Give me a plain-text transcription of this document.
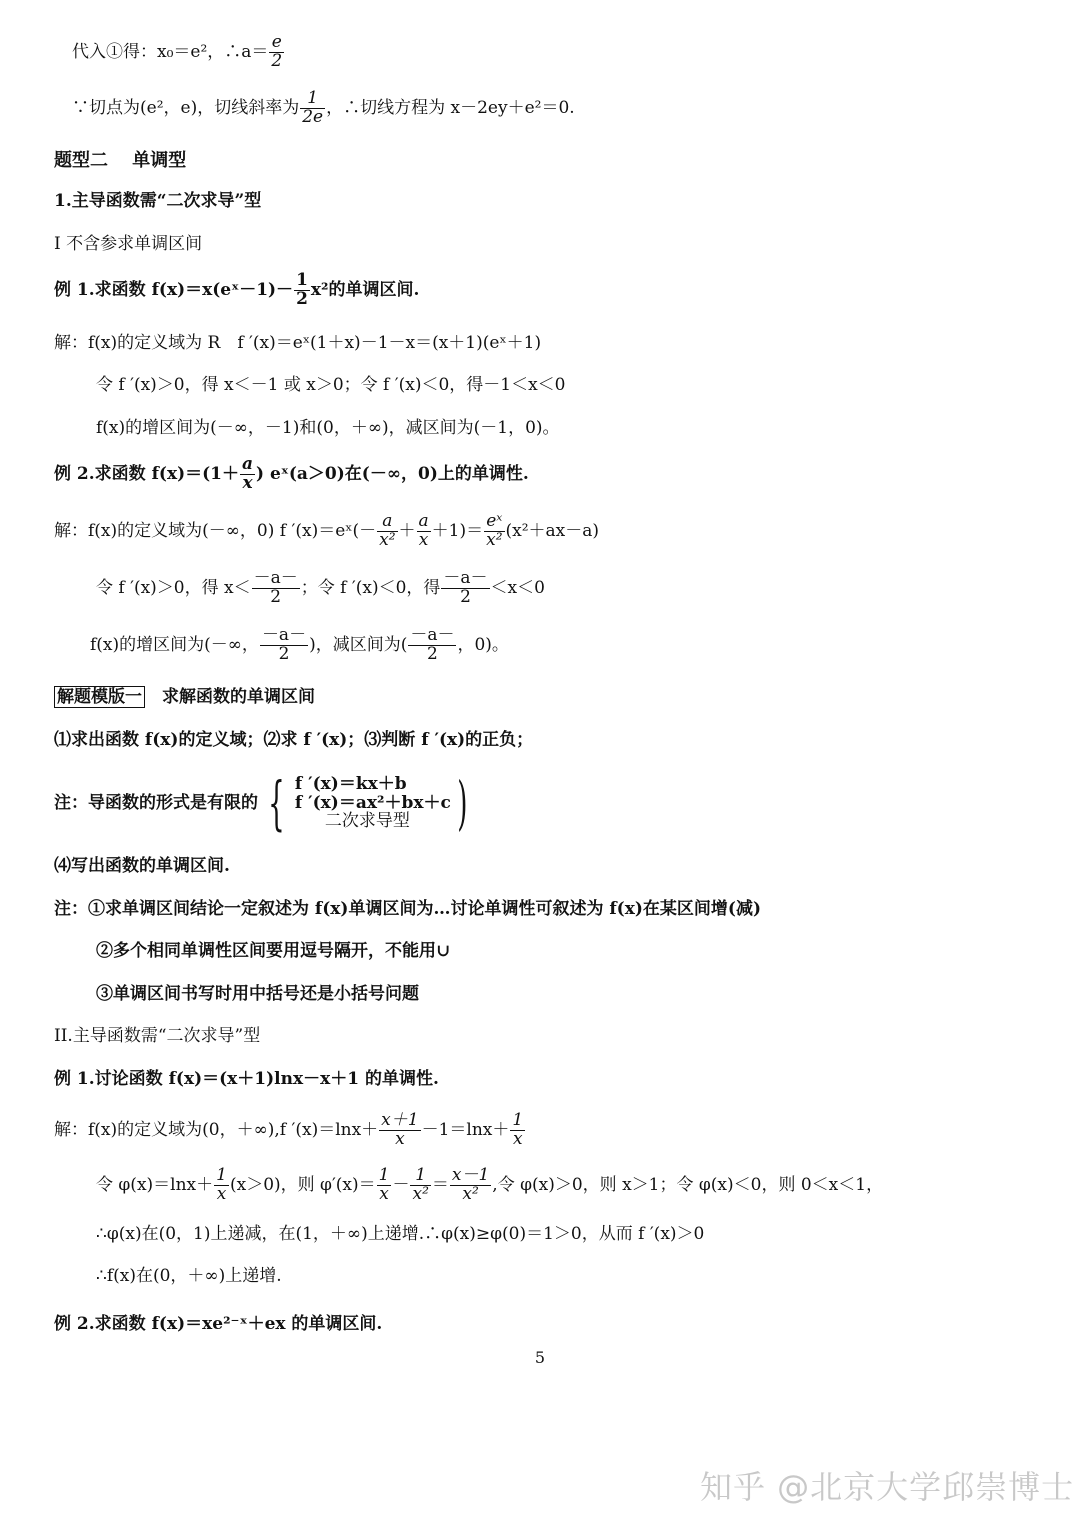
代入①得：x₀＝e²，∴a＝ $\frac{e}{2}$
∵切点为(e²，e)，切线斜率为 $\frac{1}{2e}$ ，∴切线方程为 x－2ey＋e²＝0.
题型二　 单调型
1.主导函数需“二次求导”型
I 不含参求单调区间
例 1.求函数 f(x)＝x(eˣ－1)－ $\frac{1}{2} x^2$的单调区间.
解：f(x)的定义域为 R　f ′(x)＝eˣ(1＋x)－1－x＝(x＋1)(eˣ＋1)
令 f ′(x)＞0，得 x＜－1 或 x＞0；令 f ′(x)＜0，得－1＜x＜0
f(x)的增区间为(－∞，－1)和(0，＋∞)，减区间为(－1，0)。
例 2.求函数 $f(x)=(1+ \frac{a}{x}$ ) eˣ(a＞0)在(－∞，0)上的单调性.
解：f(x)的定义域为(－∞，0) f ′(x)＝eˣ(－ $\frac{a}{\text{x²}} + \frac{a}{x} +1)= \frac{\text{eˣ}}{\text{x²}} (x^2+ax-a)$
令 f ′(x)＞0，得 $x< \frac{-a-}{2}$ ；令 f ′(x)＜0，得 $\frac{-a-}{2} <x<0$
f(x)的增区间为(－∞， $\frac{-a-}{2}$ )，减区间为( $\frac{-a-}{2}$ ，0)。
解题模版一　求解函数的单调区间
⑴求出函数 f(x)的定义域；⑵求 f ′(x)；⑶判断 f ′(x)的正负；
注：导函数的形式是有限的 { f ′(x)＝kx＋b
f ′(x)＝ax²＋bx＋c
二次求导型 )
⑷写出函数的单调区间.
注：①求单调区间结论一定叙述为 f(x)单调区间为…讨论单调性可叙述为 f(x)在某区间增(减)
②多个相同单调性区间要用逗号隔开，不能用∪
③单调区间书写时用中括号还是小括号问题
II.主导函数需“二次求导”型
例 1.讨论函数 f(x)＝(x＋1)lnx－x＋1 的单调性.
解：f(x)的定义域为(0，＋∞),f $'(x)=\ln x+ \frac{x+1}{x} -1=\ln x+ \frac{1}{x}$
令 $\varphi(x)=\ln x+ \frac{1}{x} (x>0)$，则 $\varphi'(x)= \frac{1}{x} - \frac{1}{\text{x²}} = \frac{x-1}{\text{x²}}$ ,令 φ(x)＞0，则 x＞1；令 φ(x)＜0，则 0＜x＜1，
∴φ(x)在(0，1)上递减，在(1，＋∞)上递增.∴φ(x)≥φ(0)＝1＞0，从而 f ′(x)＞0
∴f(x)在(0，＋∞)上递增.
例 2.求函数 f(x)＝xe²⁻ˣ＋ex 的单调区间.
5
知乎 @北京大学邱崇博士
